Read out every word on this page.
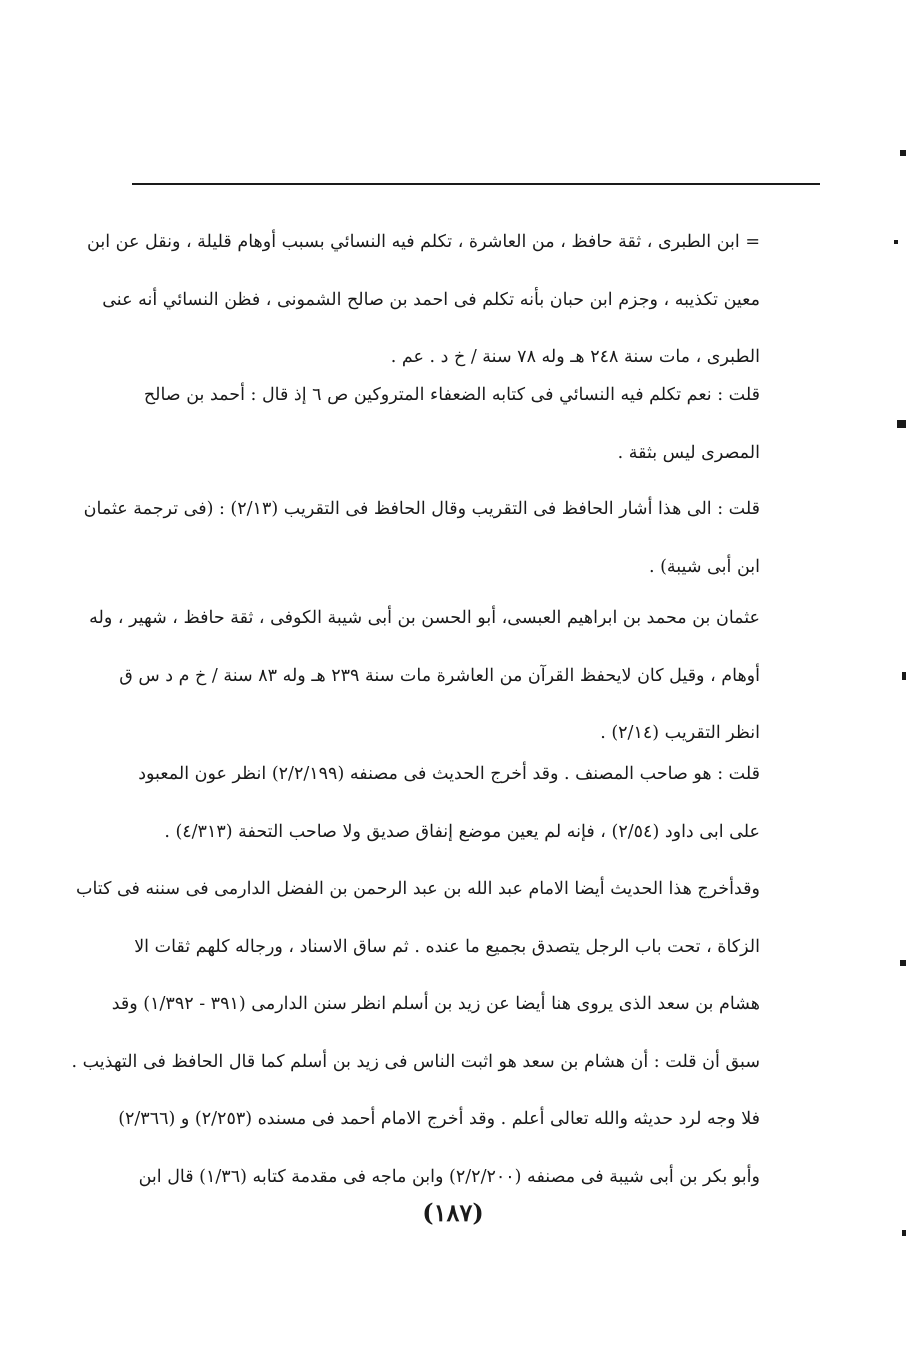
= ابن الطبرى ، ثقة حافظ ، من العاشرة ، تكلم فيه النسائي بسبب أوهام قليلة ، ونقل عن ابن
معين تكذيبه ، وجزم ابن حبان بأنه تكلم فى احمد بن صالح الشمونى ، فظن النسائي أنه عنى
الطبرى ، مات سنة ٢٤٨ هـ وله ٧٨ سنة / خ د . عم .
قلت : نعم تكلم فيه النسائي فى كتابه الضعفاء المتروكين ص ٦ إذ قال : أحمد بن صالح
المصرى ليس بثقة .
قلت : الى هذا أشار الحافظ فى التقريب وقال الحافظ فى التقريب (٢/١٣) : (فى ترجمة عثمان
ابن أبى شيبة) .
عثمان بن محمد بن ابراهيم العبسى، أبو الحسن بن أبى شيبة الكوفى ، ثقة حافظ ، شهير ، وله
أوهام ، وقيل كان لايحفظ القرآن من العاشرة مات سنة ٢٣٩ هـ وله ٨٣ سنة / خ م د س ق
انظر التقريب (٢/١٤) .
قلت : هو صاحب المصنف . وقد أخرج الحديث فى مصنفه (٢/٢/١٩٩) انظر عون المعبود
على ابى داود (٢/٥٤) ، فإنه لم يعين موضع إنفاق صديق ولا صاحب التحفة (٤/٣١٣) .
وقدأخرج هذا الحديث أيضا الامام عبد الله بن عبد الرحمن بن الفضل الدارمى فى سننه فى كتاب
الزكاة ، تحت باب الرجل يتصدق بجميع ما عنده . ثم ساق الاسناد ، ورجاله كلهم ثقات الا
هشام بن سعد الذى يروى هنا أيضا عن زيد بن أسلم انظر سنن الدارمى (٣٩١ - ١/٣٩٢) وقد
سبق أن قلت : أن هشام بن سعد هو اثبت الناس فى زيد بن أسلم كما قال الحافظ فى التهذيب .
فلا وجه لرد حديثه والله تعالى أعلم . وقد أخرج الامام أحمد فى مسنده (٢/٢٥٣) و (٢/٣٦٦)
وأبو بكر بن أبى شيبة فى مصنفه (٢/٢/٢٠٠) وابن ماجه فى مقدمة كتابه (١/٣٦) قال ابن
(١٨٧)
